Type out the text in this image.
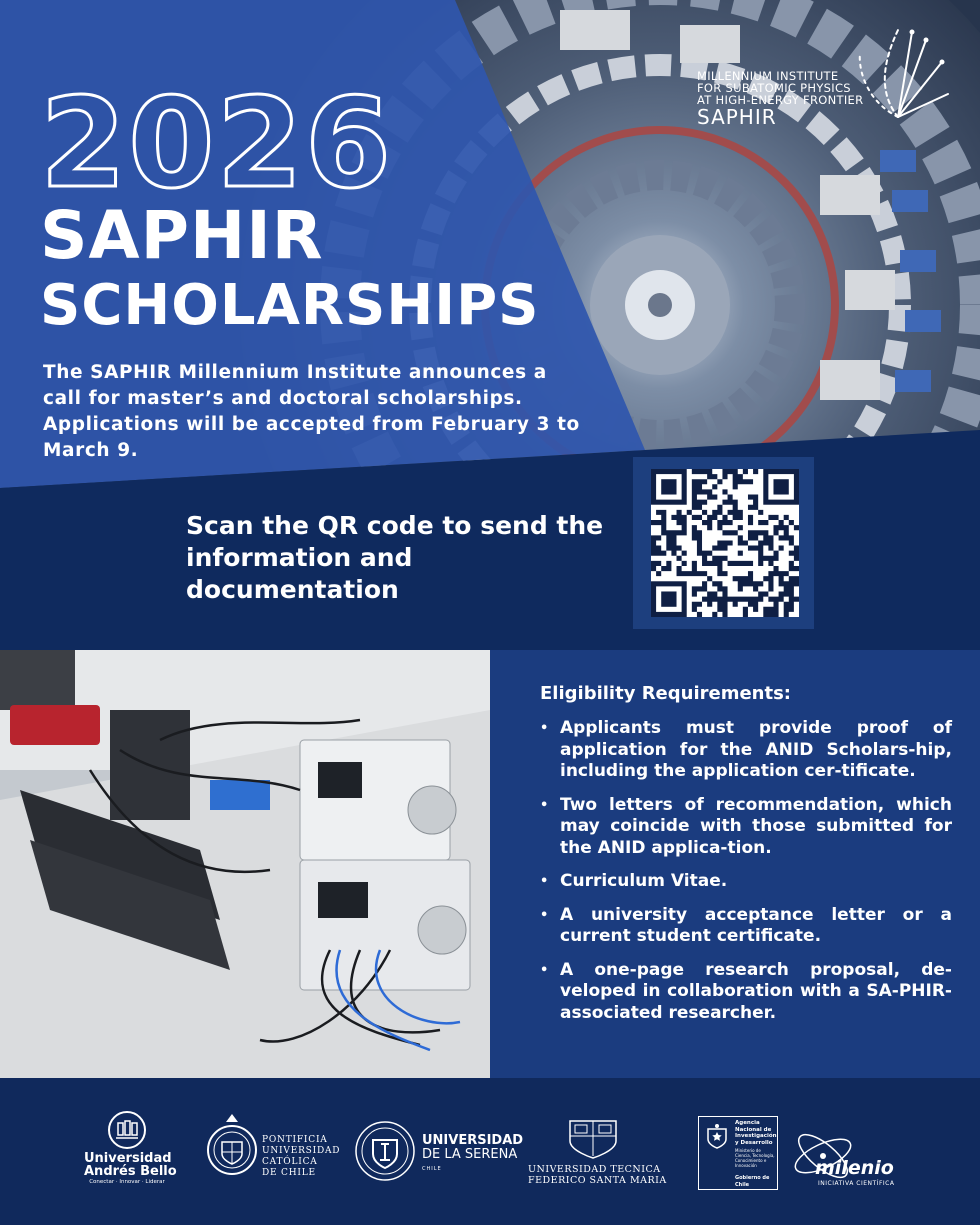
2026
SAPHIR
SCHOLARSHIPS

The SAPHIR Millennium Institute announces a call for master’s and doctoral scholarships. Applications will be accepted from February 3 to March 9.

MILLENNIUM INSTITUTE
FOR SUBATOMIC PHYSICS
AT HIGH-ENERGY FRONTIER
SAPHIR

Scan the QR code to send the information and documentation

Eligibility Requirements:
• Applicants must provide proof of application for the ANID Scholars-hip, including the application cer-tificate.
• Two letters of recommendation, which may coincide with those submitted for the ANID applica-tion.
• Curriculum Vitae.
• A university acceptance letter or a current student certificate.
• A one-page research proposal, de-veloped in collaboration with a SA-PHIR-associated researcher.
Universidad
Andrés Bello
Conectar · Innovar · Liderar
PONTIFICIA
UNIVERSIDAD
CATÓLICA
DE CHILE
UNIVERSIDAD
DE LA SERENA
CHILE	UNIVERSIDAD TECNICA
FEDERICO SANTA MARIA
Agencia
Nacional de
Investigación
y Desarrollo
Ministerio de Ciencia, Tecnología, Conocimiento e Innovación
Gobierno de Chile
milenio
INICIATIVA CIENTÍFICA
